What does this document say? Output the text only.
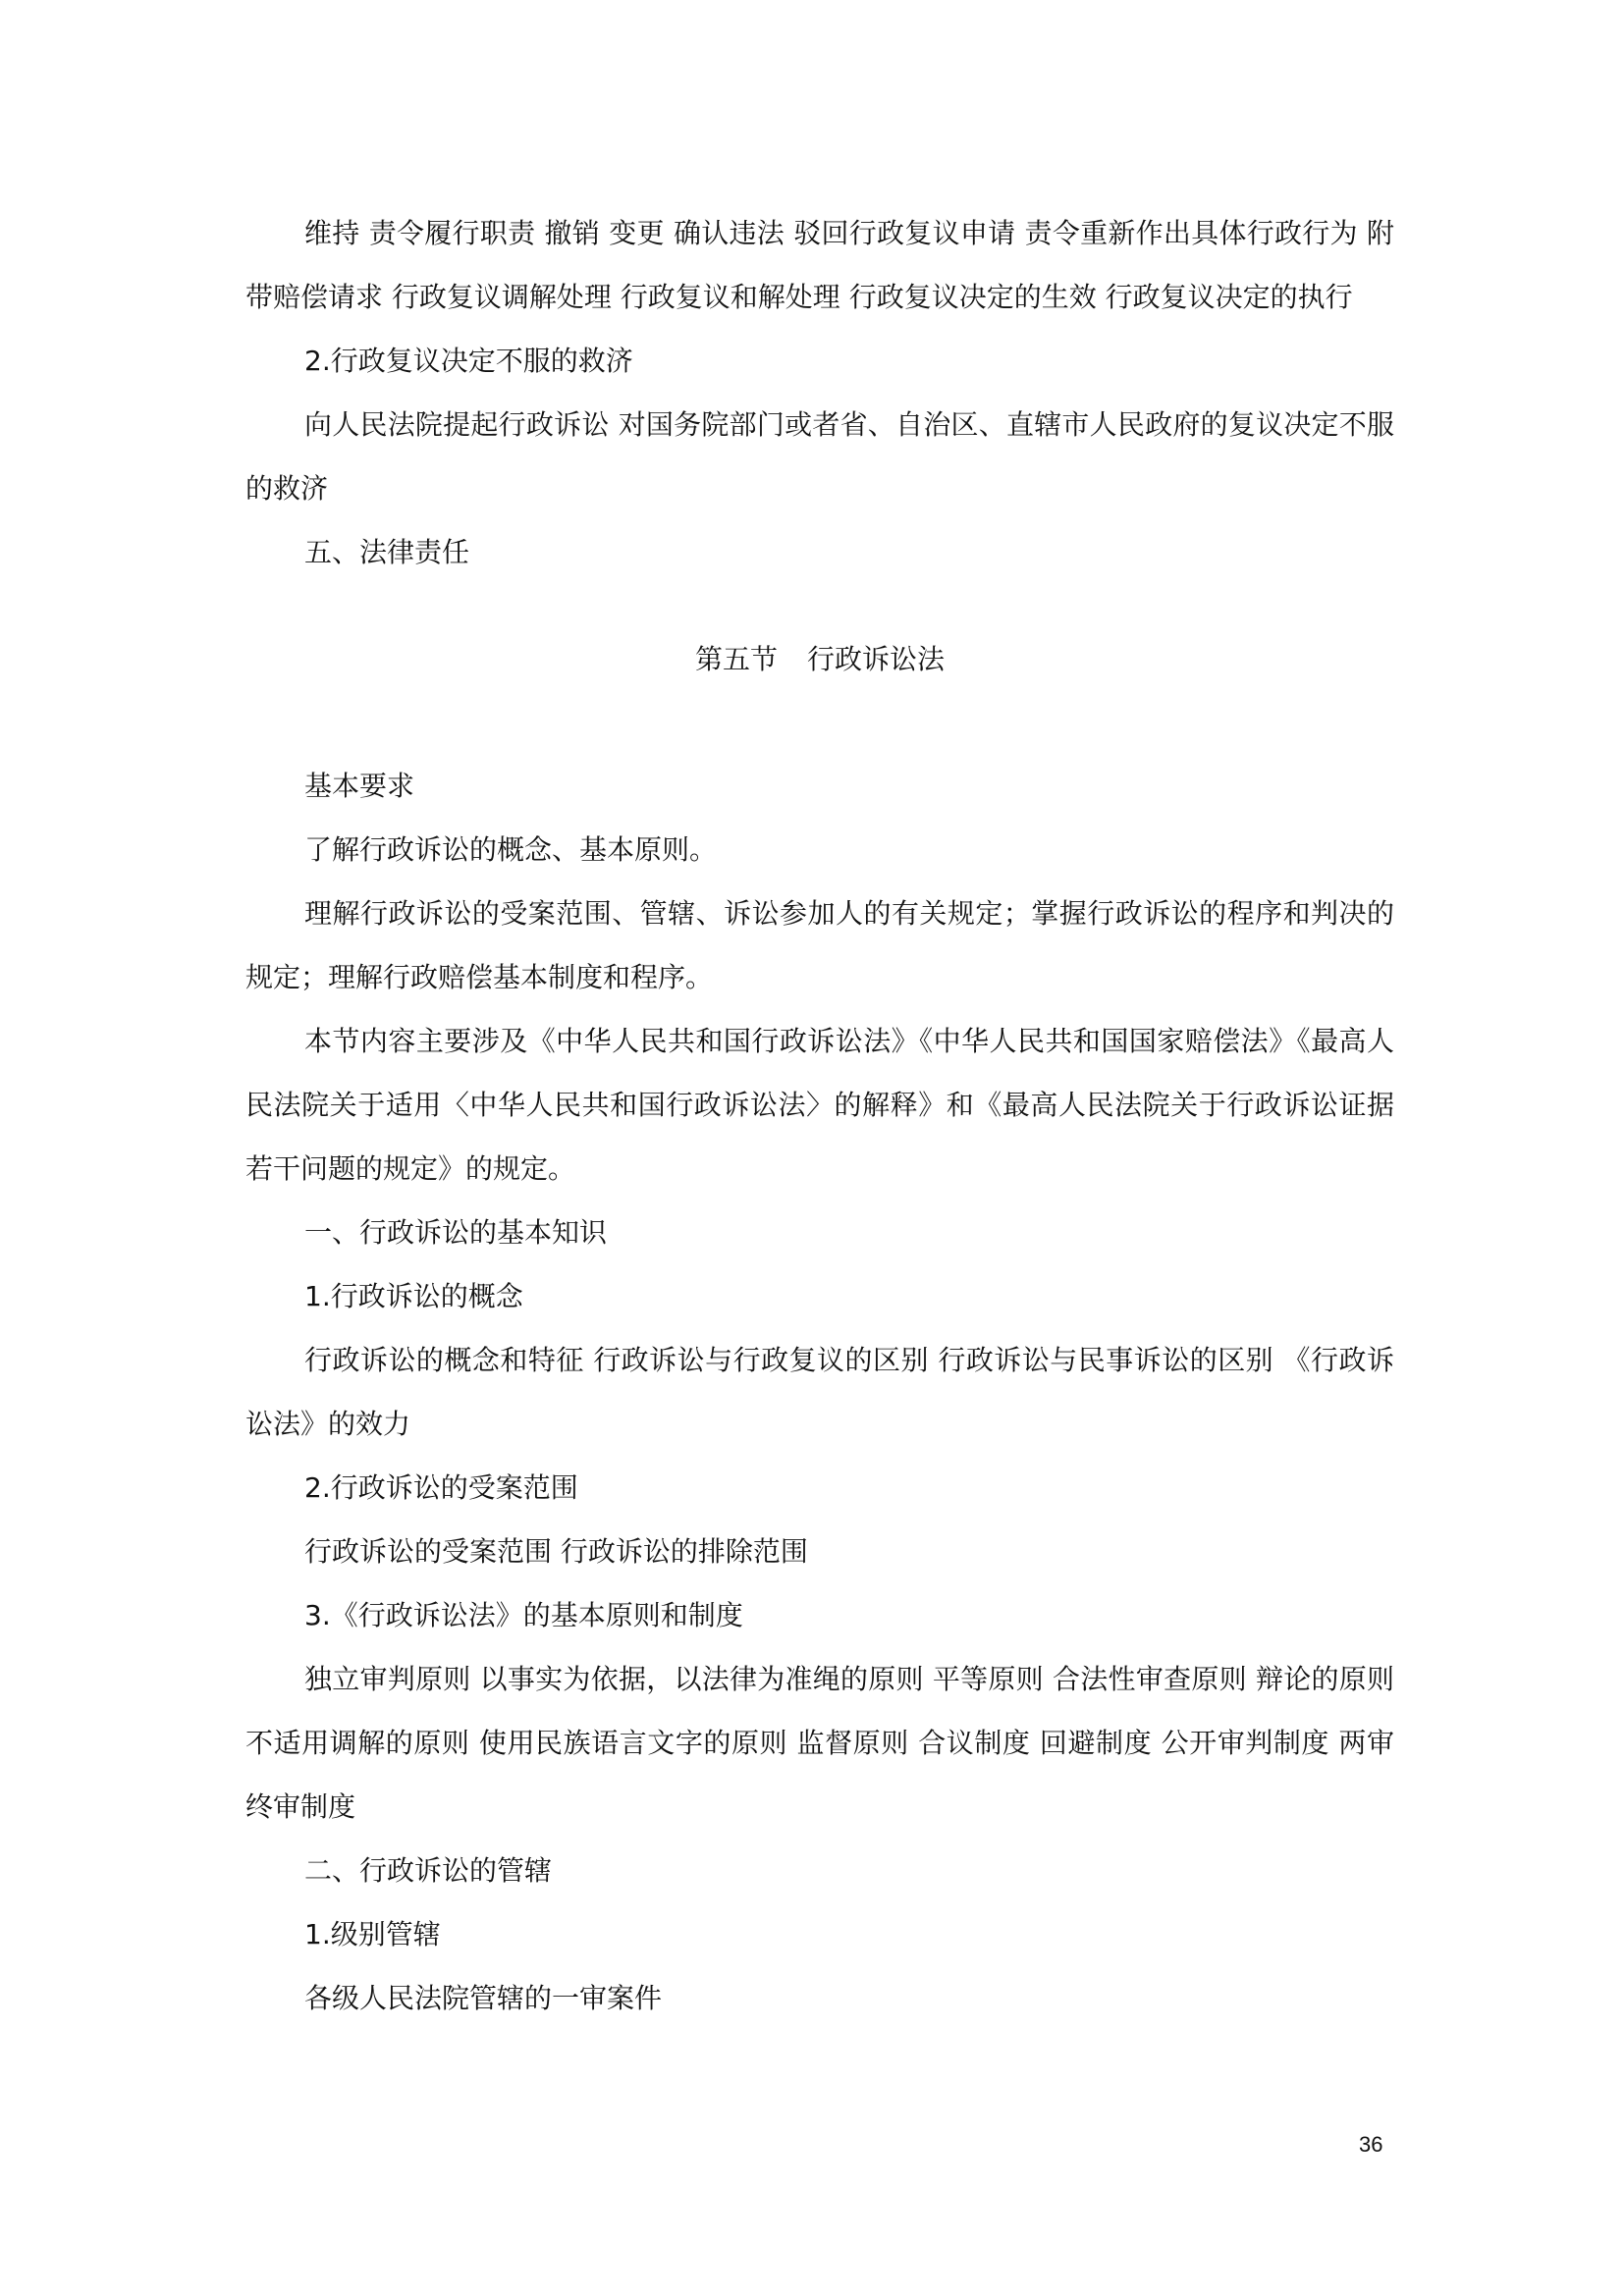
维持 责令履行职责 撤销 变更 确认违法 驳回行政复议申请 责令重新作出具体行政行为 附带赔偿请求 行政复议调解处理 行政复议和解处理 行政复议决定的生效 行政复议决定的执行

2.行政复议决定不服的救济

向人民法院提起行政诉讼 对国务院部门或者省、自治区、直辖市人民政府的复议决定不服的救济

五、法律责任

第五节 行政诉讼法

基本要求

了解行政诉讼的概念、基本原则。

理解行政诉讼的受案范围、管辖、诉讼参加人的有关规定；掌握行政诉讼的程序和判决的规定；理解行政赔偿基本制度和程序。

本节内容主要涉及《中华人民共和国行政诉讼法》《中华人民共和国国家赔偿法》《最高人民法院关于适用〈中华人民共和国行政诉讼法〉的解释》和《最高人民法院关于行政诉讼证据若干问题的规定》的规定。

一、行政诉讼的基本知识

1.行政诉讼的概念

行政诉讼的概念和特征 行政诉讼与行政复议的区别 行政诉讼与民事诉讼的区别 《行政诉讼法》的效力

2.行政诉讼的受案范围

行政诉讼的受案范围 行政诉讼的排除范围

3.《行政诉讼法》的基本原则和制度

独立审判原则 以事实为依据，以法律为准绳的原则 平等原则 合法性审查原则 辩论的原则 不适用调解的原则 使用民族语言文字的原则 监督原则 合议制度 回避制度 公开审判制度 两审终审制度

二、行政诉讼的管辖

1.级别管辖

各级人民法院管辖的一审案件

36
